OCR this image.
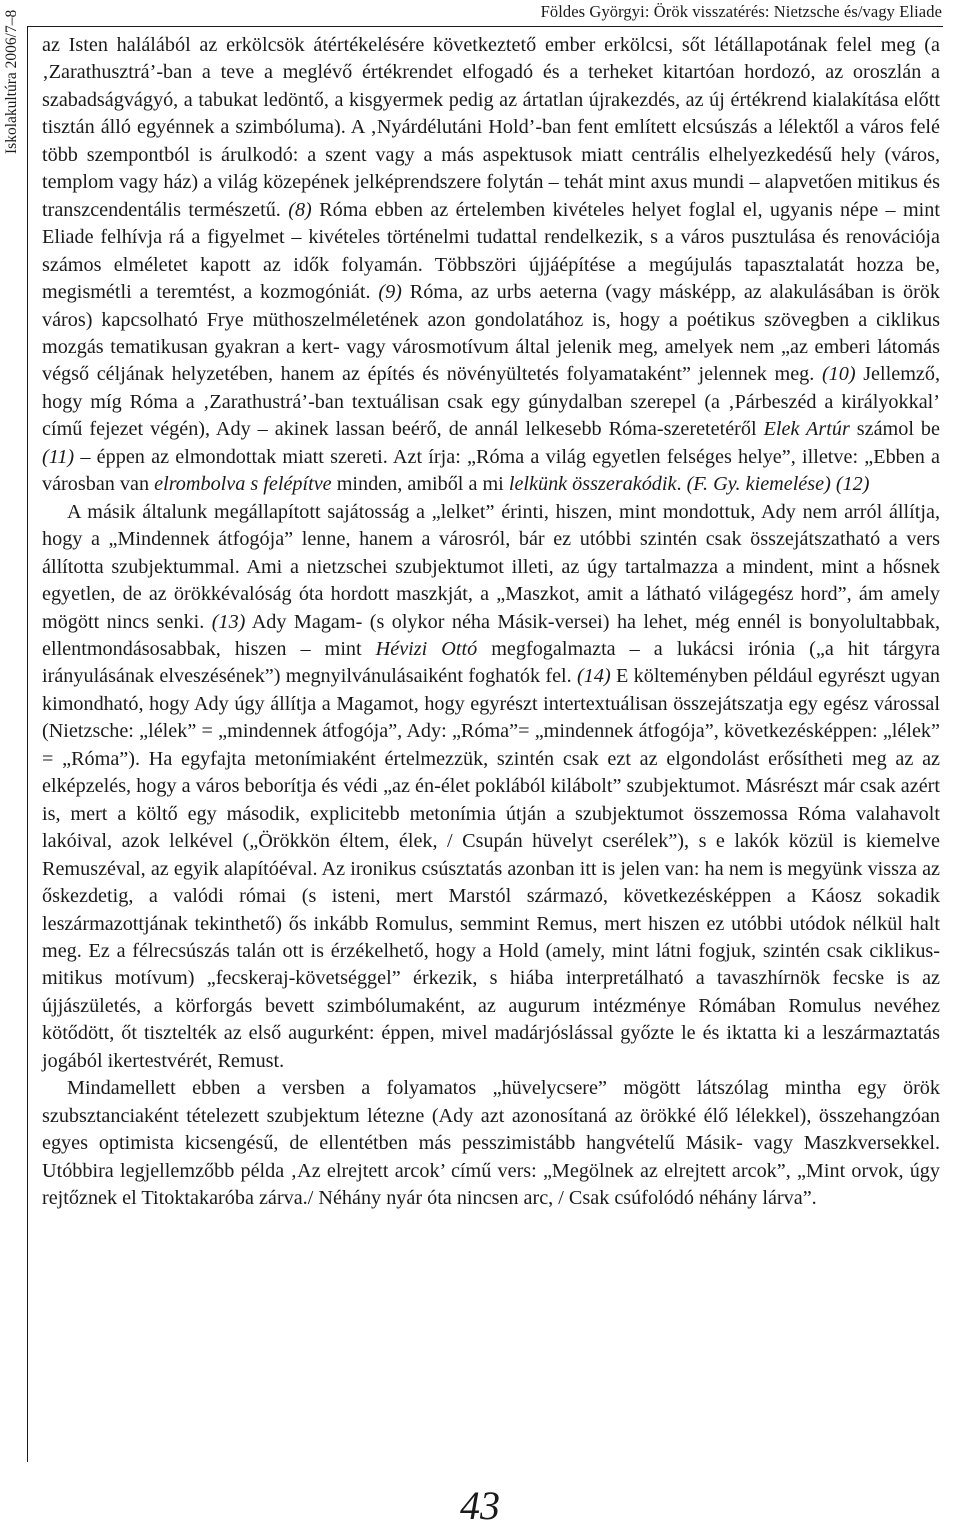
Földes Györgyi: Örök visszatérés: Nietzsche és/vagy Eliade
Iskolakultúra 2006/7–8 az Isten halálából az erkölcsök átértékelésére következtető ember erkölcsi, sőt létállapotának felel meg (a ‚Zarathusztrá’-ban a teve a meglévő értékrendet elfogadó és a terheket kitartóan hordozó, az oroszlán a szabadságvágyó, a tabukat ledöntő, a kisgyermek pedig az ártatlan újrakezdés, az új értékrend kialakítása előtt tisztán álló egyénnek a szimbóluma). A ‚Nyárdélutáni Hold’-ban fent említett elcsúszás a lélektől a város felé több szempontból is árulkodó: a szent vagy a más aspektusok miatt centrális elhelyezkedésű hely (város, templom vagy ház) a világ közepének jelképrendszere folytán – tehát mint axus mundi – alapvetően mitikus és transzcendentális természetű. (8) Róma ebben az értelemben kivételes helyet foglal el, ugyanis népe – mint Eliade felhívja rá a figyelmet – kivételes történelmi tudattal rendelkezik, s a város pusztulása és renovációja számos elméletet kapott az idők folyamán. Többszöri újjáépítése a megújulás tapasztalatát hozza be, megismétli a teremtést, a kozmogóniát. (9) Róma, az urbs aeterna (vagy másképp, az alakulásában is örök város) kapcsolható Frye müthoszelméletének azon gondolatához is, hogy a poétikus szövegben a ciklikus mozgás tematikusan gyakran a kert- vagy városmotívum által jelenik meg, amelyek nem „az emberi látomás végső céljának helyzetében, hanem az építés és növényültetés folyamataként” jelennek meg. (10) Jellemző, hogy míg Róma a ‚Zarathustrá’-ban textuálisan csak egy gúnydalban szerepel (a ‚Párbeszéd a királyokkal’ című fejezet végén), Ady – akinek lassan beérő, de annál lelkesebb Róma-szeretetéről Elek Artúr számol be (11) – éppen az elmondottak miatt szereti. Azt írja: „Róma a világ egyetlen felséges helye”, illetve: „Ebben a városban van elrombolva s felépítve minden, amiből a mi lelkünk összerakódik. (F. Gy. kiemelése) (12)

A másik általunk megállapított sajátosság a „lelket” érinti, hiszen, mint mondottuk, Ady nem arról állítja, hogy a „Mindennek átfogója” lenne, hanem a városról, bár ez utóbbi szintén csak összejátszatható a vers állította szubjektummal. Ami a nietzschei szubjektumot illeti, az úgy tartalmazza a mindent, mint a hősnek egyetlen, de az örökkévalóság óta hordott maszkját, a „Maszkot, amit a látható világegész hord”, ám amely mögött nincs senki. (13) Ady Magam- (s olykor néha Másik-versei) ha lehet, még ennél is bonyolultabbak, ellentmondásosabbak, hiszen – mint Hévizi Ottó megfogalmazta – a lukácsi irónia („a hit tárgyra irányulásának elveszésének”) megnyilvánulásaiként foghatók fel. (14) E költeményben például egyrészt ugyan kimondható, hogy Ady úgy állítja a Magamot, hogy egyrészt intertextuálisan összejátszatja egy egész várossal (Nietzsche: „lélek” = „mindennek átfogója”, Ady: „Róma”= „mindennek átfogója”, következésképpen: „lélek” = „Róma”). Ha egyfajta metonímiaként értelmezzük, szintén csak ezt az elgondolást erősítheti meg az az elképzelés, hogy a város beborítja és védi „az én-élet poklából kilábolt” szubjektumot. Másrészt már csak azért is, mert a költő egy második, explicitebb metonímia útján a szubjektumot összemossa Róma valahavolt lakóival, azok lelkével („Örökkön éltem, élek, / Csupán hüvelyt cserélek”), s e lakók közül is kiemelve Remuszéval, az egyik alapítóéval. Az ironikus csúsztatás azonban itt is jelen van: ha nem is megyünk vissza az őskezdetig, a valódi római (s isteni, mert Marstól származó, következésképpen a Káosz sokadik leszármazottjának tekinthető) ős inkább Romulus, semmint Remus, mert hiszen ez utóbbi utódok nélkül halt meg. Ez a félrecsúszás talán ott is érzékelhető, hogy a Hold (amely, mint látni fogjuk, szintén csak ciklikusmitikus motívum) „fecskeraj-követséggel” érkezik, s hiába interpretálható a tavaszhírnök fecske is az újjászületés, a körforgás bevett szimbólumaként, az augurum intézménye Rómában Romulus nevéhez kötődött, őt tisztelték az első augurként: éppen, mivel madárjóslással győzte le és iktatta ki a leszármaztatás jogából ikertestvérét, Remust.

Mindamellett ebben a versben a folyamatos „hüvelycsere” mögött látszólag mintha egy örök szubsztanciaként tételezett szubjektum létezne (Ady azt azonosítaná az örökké élő lélekkel), összehangzóan egyes optimista kicsengésű, de ellentétben más pesszimistább hangvételű Másik- vagy Maszkversekkel. Utóbbira legjellemzőbb példa ‚Az elrejtett arcok’ című vers: „Megölnek az elrejtett arcok”, „Mint orvok, úgy rejtőznek el Titoktakaróba zárva./ Néhány nyár óta nincsen arc, / Csak csúfolódó néhány lárva”.

43
